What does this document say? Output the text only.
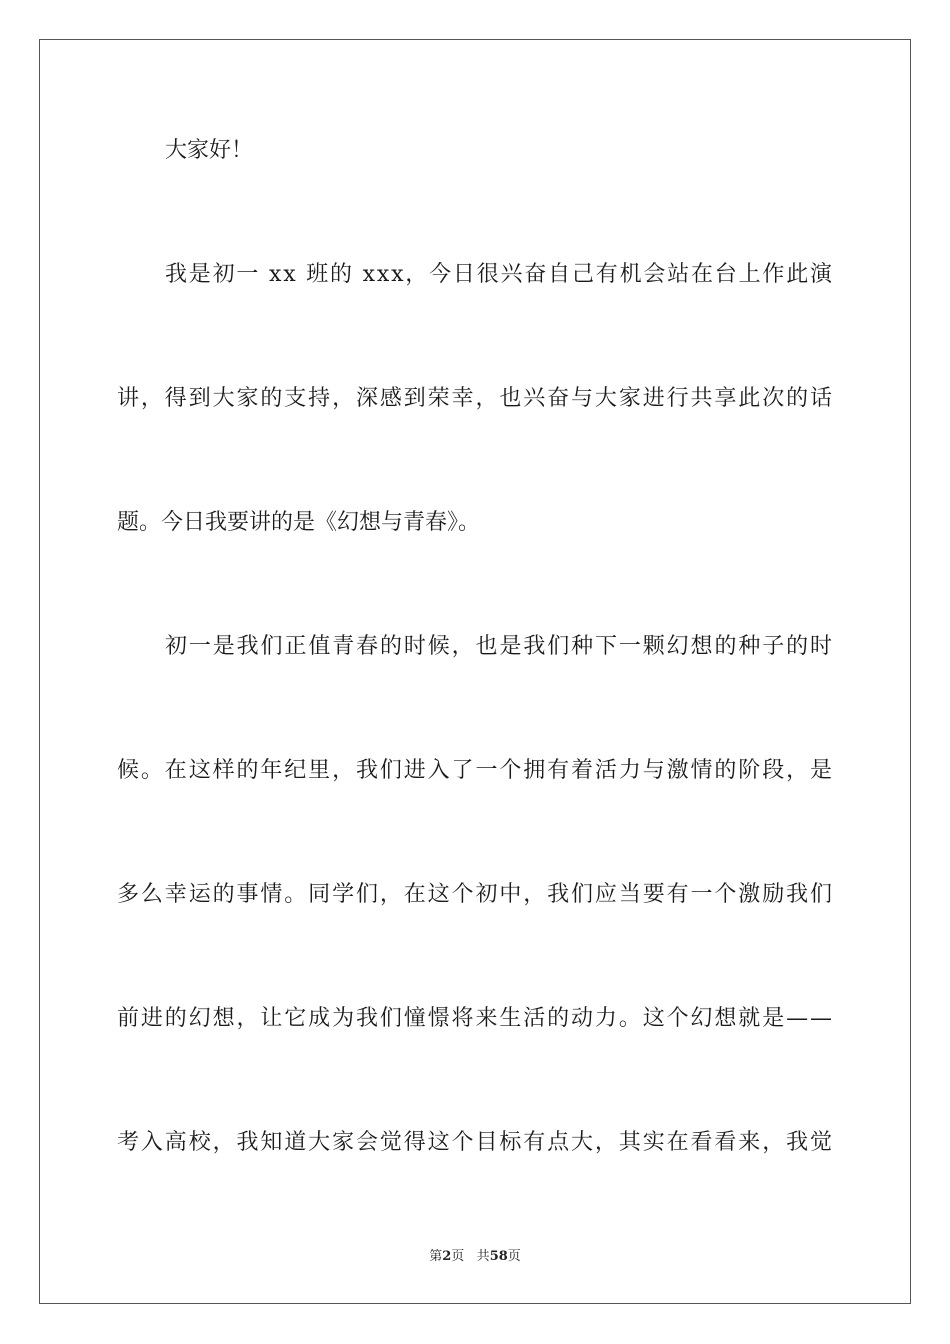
大家好！

我是初一 xx 班的 xxx，今日很兴奋自己有机会站在台上作此演

讲，得到大家的支持，深感到荣幸，也兴奋与大家进行共享此次的话

题。今日我要讲的是《幻想与青春》。

初一是我们正值青春的时候，也是我们种下一颗幻想的种子的时

候。在这样的年纪里，我们进入了一个拥有着活力与激情的阶段，是

多么幸运的事情。同学们，在这个初中，我们应当要有一个激励我们

前进的幻想，让它成为我们憧憬将来生活的动力。这个幻想就是——

考入高校，我知道大家会觉得这个目标有点大，其实在看看来，我觉

第2页 共58页
